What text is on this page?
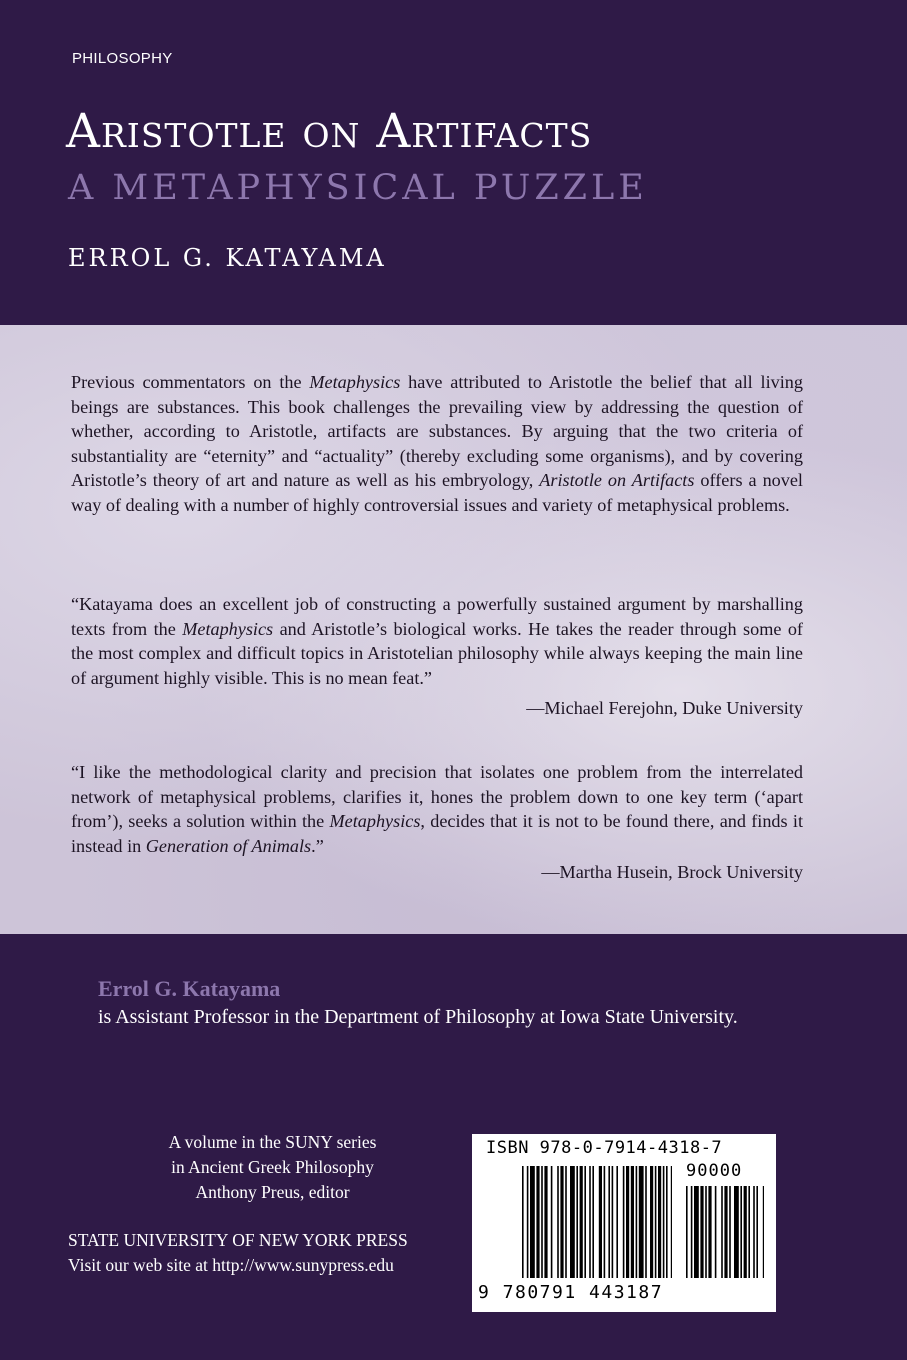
PHILOSOPHY
Aristotle on Artifacts
A METAPHYSICAL PUZZLE
ERROL G. KATAYAMA

Previous commentators on the Metaphysics have attributed to Aristotle the belief that all living beings are substances. This book challenges the prevailing view by addressing the question of whether, according to Aristotle, artifacts are substances. By arguing that the two criteria of substantiality are “eternity” and “actuality” (thereby excluding some organisms), and by covering Aristotle’s theory of art and nature as well as his embryology, Aristotle on Artifacts offers a novel way of dealing with a number of highly controversial issues and variety of metaphysical problems.

“Katayama does an excellent job of constructing a powerfully sustained argument by marshalling texts from the Metaphysics and Aristotle’s biological works. He takes the reader through some of the most complex and difficult topics in Aristotelian philosophy while always keeping the main line of argument highly visible. This is no mean feat.”

—Michael Ferejohn, Duke University

“I like the methodological clarity and precision that isolates one problem from the interrelated network of metaphysical problems, clarifies it, hones the problem down to one key term (‘apart from’), seeks a solution within the Metaphysics, decides that it is not to be found there, and finds it instead in Generation of Animals.”

—Martha Husein, Brock University
Errol G. Katayama
is Assistant Professor in the Department of Philosophy at Iowa State University.
A volume in the SUNY series
in Ancient Greek Philosophy
Anthony Preus, editor
STATE UNIVERSITY OF NEW YORK PRESS
Visit our web site at http://www.sunypress.edu
ISBN 978-0-7914-4318-7
90000
9 780791 443187
